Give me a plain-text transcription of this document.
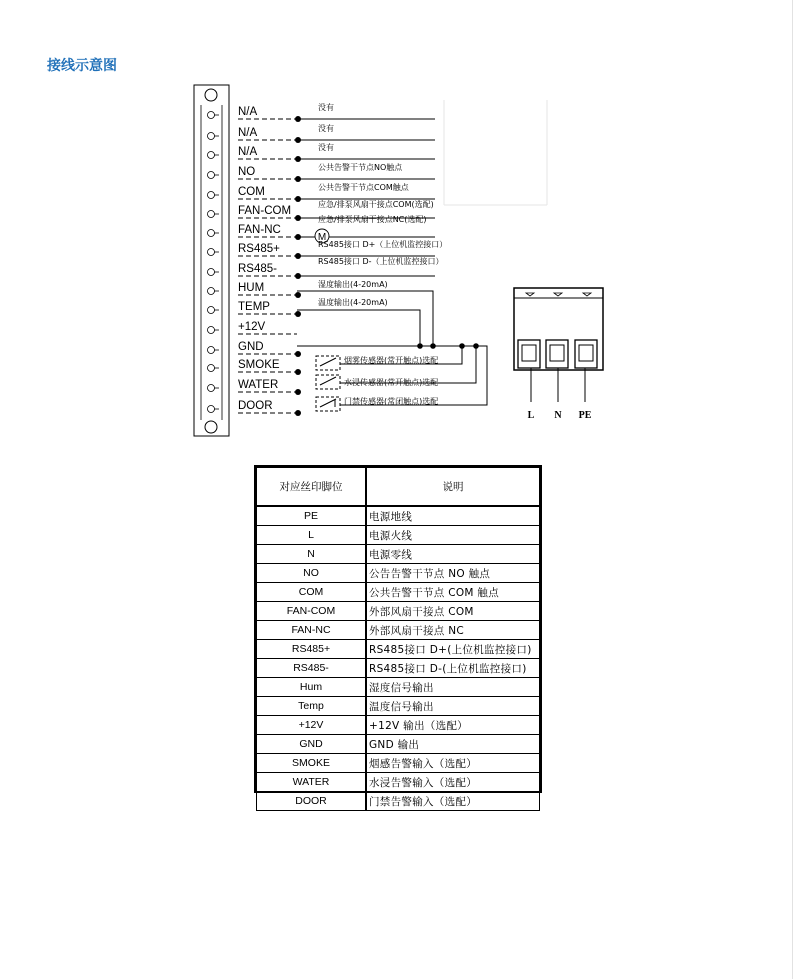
接线示意图
N/A	没有
N/A	没有
N/A	没有
NO	公共告警干节点NO触点
COM	公共告警干节点COM触点
FAN-COM
应急/排泵风扇干接点COM(选配)
FAN-NC
M
应急/排泵风扇干接点NC(选配)
RS485+	RS485接口 D+（上位机监控接口）
RS485-
RS485接口 D-（上位机监控接口）
HUM	湿度输出(4-20mA)
TEMP	温度输出(4-20mA)
+12V
GND
SMOKE	烟雾传感器(常开触点)选配
WATER	水浸传感器(常开触点)选配
DOOR	门禁传感器(常闭触点)选配
L N PE
对应丝印脚位	说明
PE	电源地线
L	电源火线
N	电源零线
NO	公告告警干节点 NO 触点
COM	公共告警干节点 COM 触点
FAN-COM	外部风扇干接点 COM
FAN-NC	外部风扇干接点 NC
RS485+	RS485接口 D+(上位机监控接口)
RS485-	RS485接口 D-(上位机监控接口)
Hum	湿度信号输出
Temp	温度信号输出
+12V	+12V 输出（选配）
GND	GND 输出
SMOKE	烟感告警输入（选配）
WATER	水浸告警输入（选配）
DOOR	门禁告警输入（选配）
